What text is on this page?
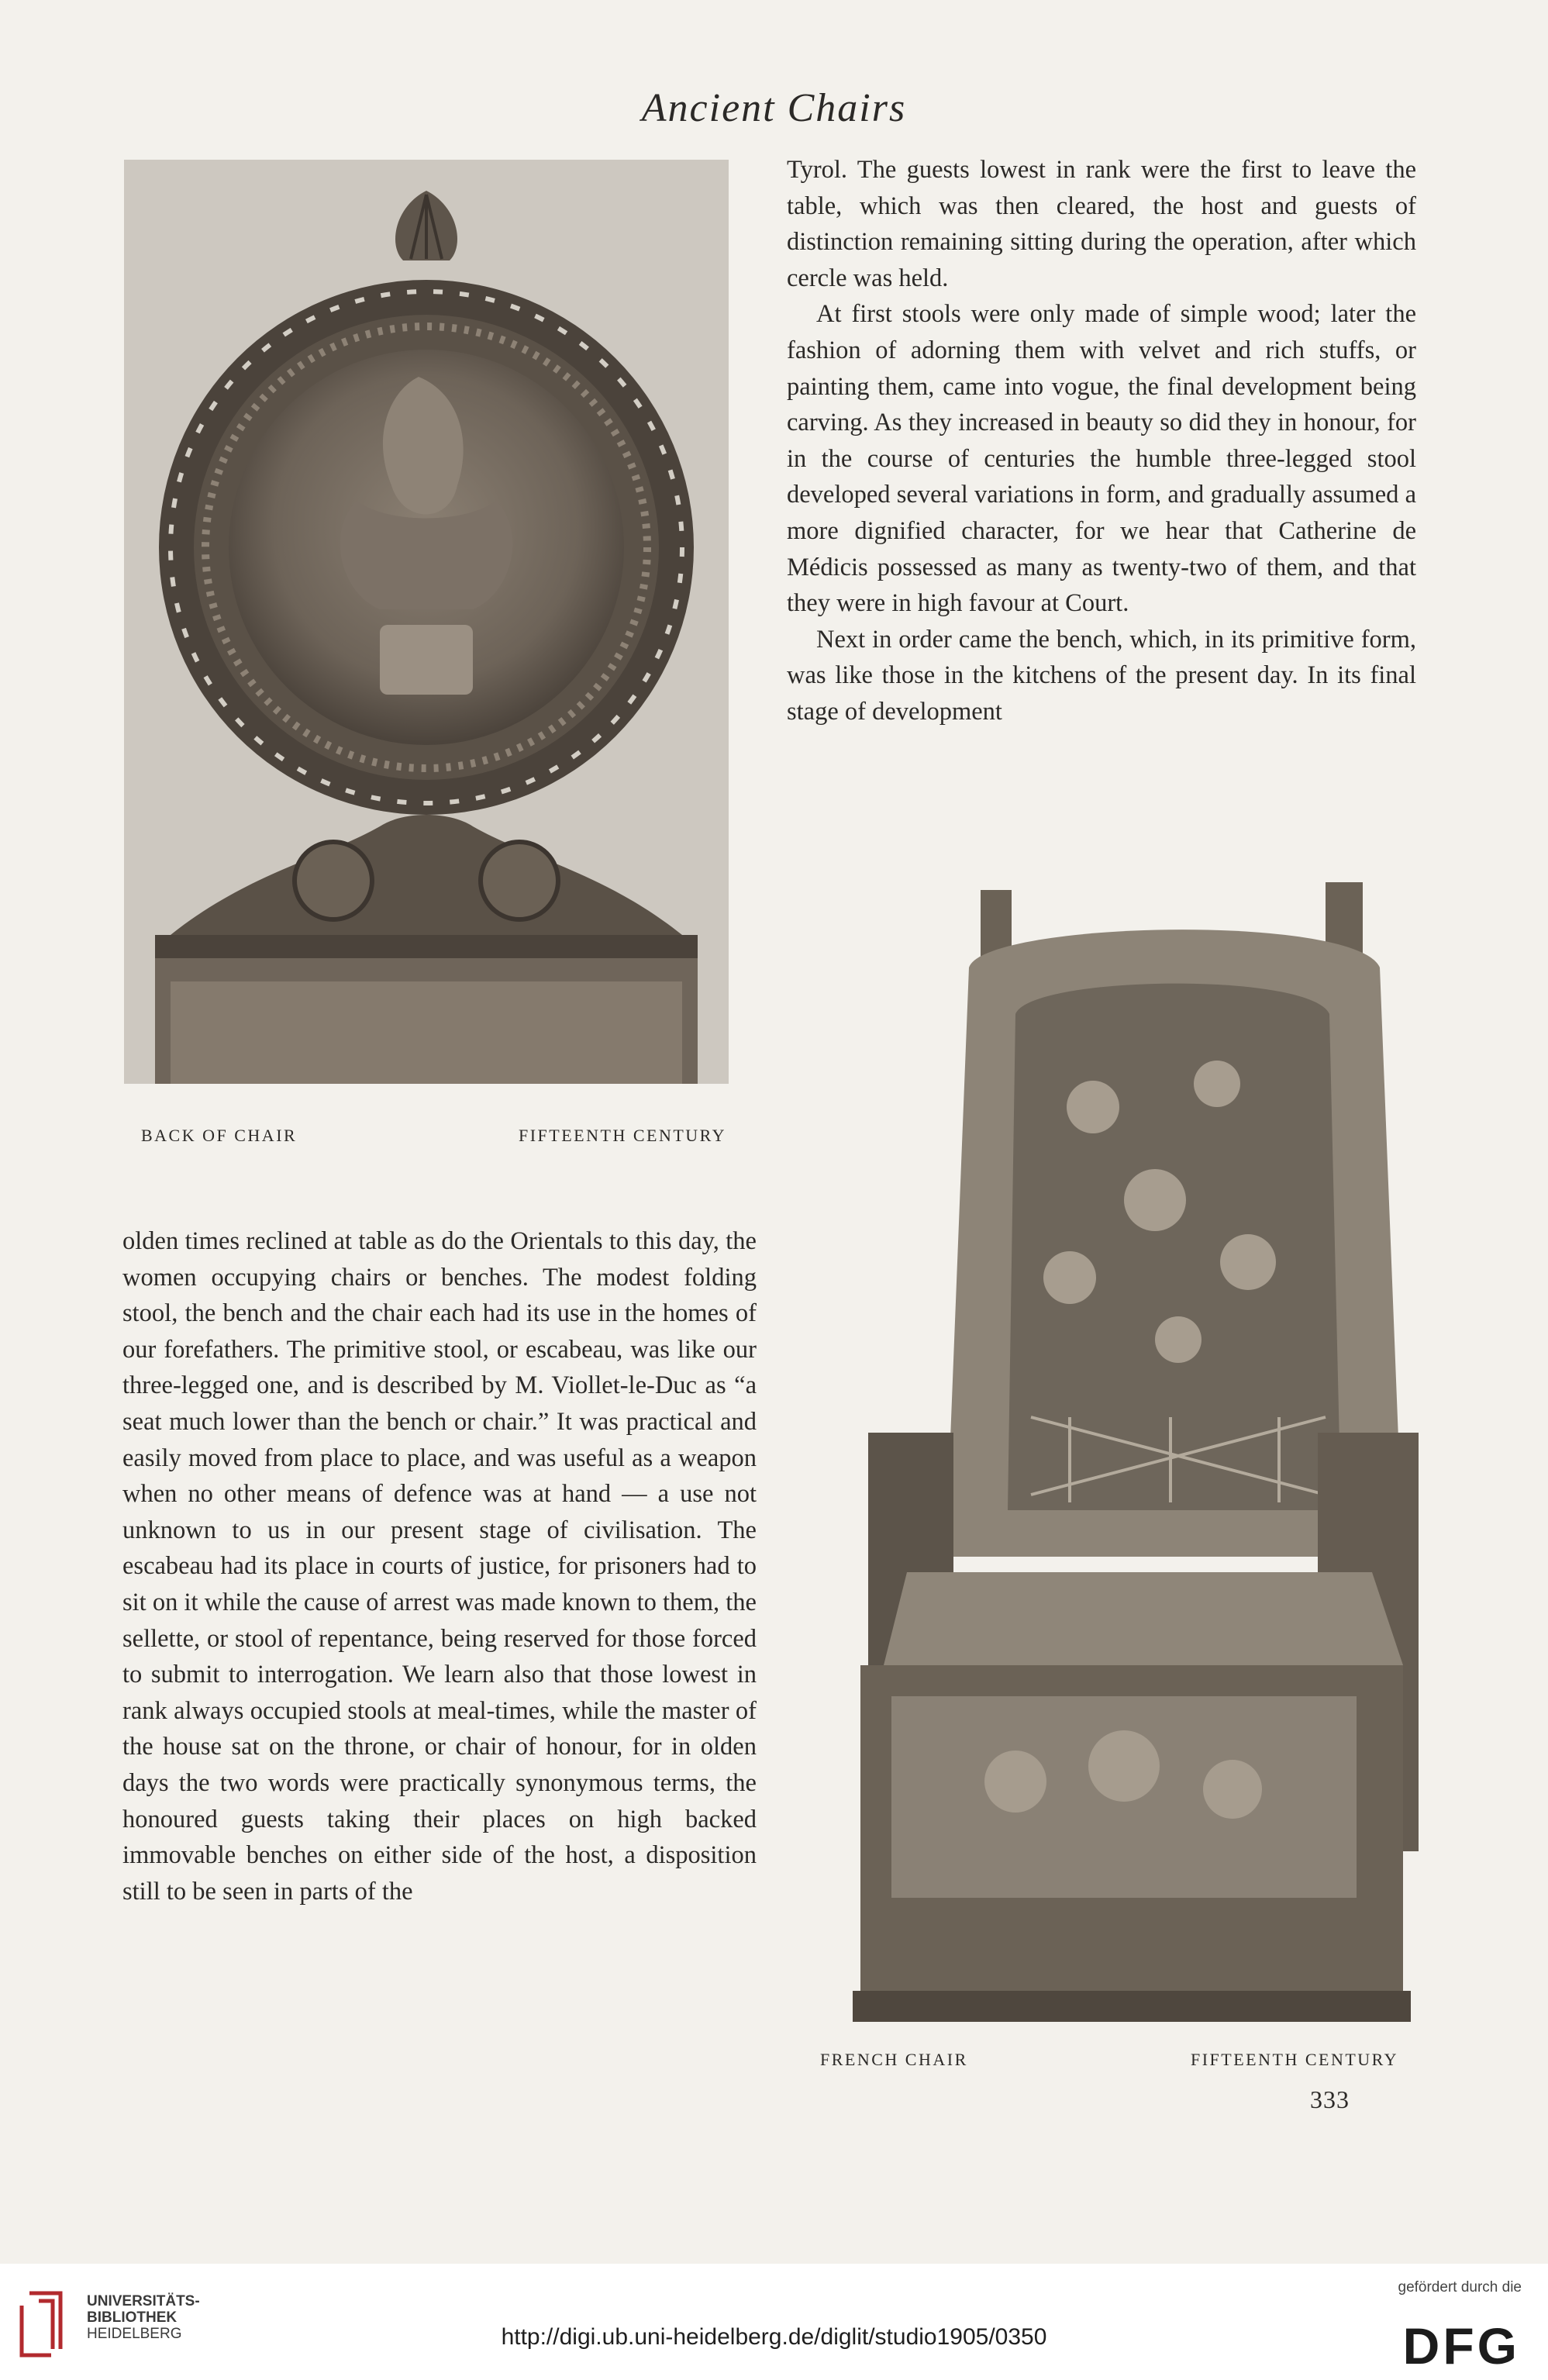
Ancient Chairs
BACK OF CHAIR	FIFTEENTH CENTURY

Tyrol. The guests lowest in rank were the first to leave the table, which was then cleared, the host and guests of distinction remaining sitting during the operation, after which cercle was held.

At first stools were only made of simple wood; later the fashion of adorning them with velvet and rich stuffs, or painting them, came into vogue, the final development being carving. As they increased in beauty so did they in honour, for in the course of centuries the humble three-legged stool developed several variations in form, and gradually assumed a more dignified character, for we hear that Catherine de Médicis possessed as many as twenty-two of them, and that they were in high favour at Court.

Next in order came the bench, which, in its primitive form, was like those in the kitchens of the present day. In its final stage of development

olden times reclined at table as do the Orientals to this day, the women occupying chairs or benches. The modest folding stool, the bench and the chair each had its use in the homes of our forefathers. The primitive stool, or escabeau, was like our three-legged one, and is described by M. Viollet-le-Duc as “a seat much lower than the bench or chair.” It was practical and easily moved from place to place, and was useful as a weapon when no other means of defence was at hand — a use not unknown to us in our present stage of civilisation. The escabeau had its place in courts of justice, for prisoners had to sit on it while the cause of arrest was made known to them, the sellette, or stool of repentance, being reserved for those forced to submit to interrogation. We learn also that those lowest in rank always occupied stools at meal-times, while the master of the house sat on the throne, or chair of honour, for in olden days the two words were practically synonymous terms, the honoured guests taking their places on high backed immovable benches on either side of the host, a disposition still to be seen in parts of the

FRENCH CHAIR	FIFTEENTH CENTURY
333
UNIVERSITÄTS-
BIBLIOTHEK
HEIDELBERG	http://digi.ub.uni-heidelberg.de/diglit/studio1905/0350
gefördert durch die
DFG
